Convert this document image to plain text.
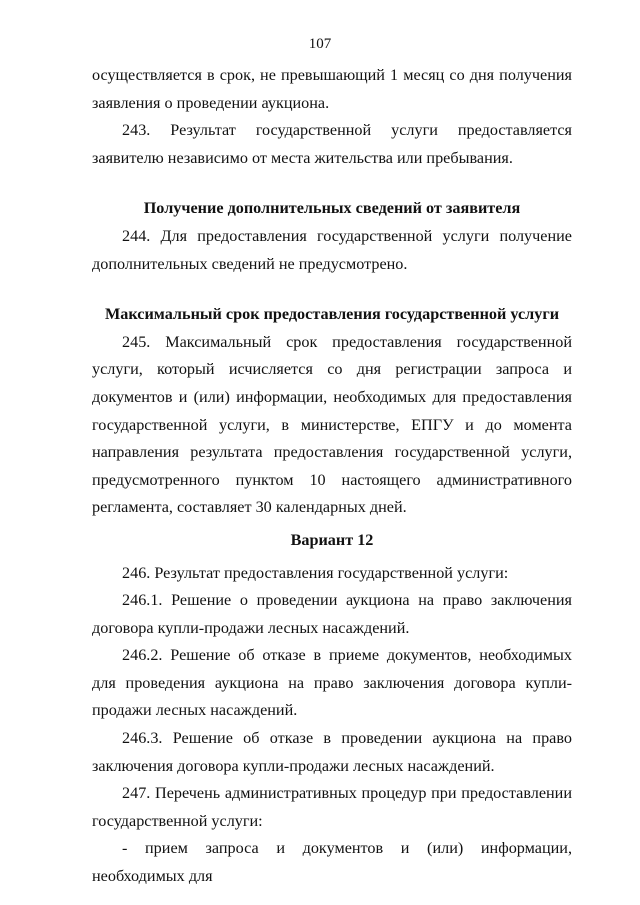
107

осуществляется в срок, не превышающий 1 месяц со дня получения заявления о проведении аукциона.

243. Результат государственной услуги предоставляется заявителю независимо от места жительства или пребывания.

Получение дополнительных сведений от заявителя

244. Для предоставления государственной услуги получение дополнительных сведений не предусмотрено.

Максимальный срок предоставления государственной услуги

245. Максимальный срок предоставления государственной услуги, который исчисляется со дня регистрации запроса и документов и (или) информации, необходимых для предоставления государственной услуги, в министерстве, ЕПГУ и до момента направления результата предоставления государственной услуги, предусмотренного пунктом 10 настоящего административного регламента, составляет 30 календарных дней.

Вариант 12

246. Результат предоставления государственной услуги:

246.1. Решение о проведении аукциона на право заключения договора купли-продажи лесных насаждений.

246.2. Решение об отказе в приеме документов, необходимых для проведения аукциона на право заключения договора купли-продажи лесных насаждений.

246.3. Решение об отказе в проведении аукциона на право заключения договора купли-продажи лесных насаждений.

247. Перечень административных процедур при предоставлении государственной услуги:

- прием запроса и документов и (или) информации, необходимых для
